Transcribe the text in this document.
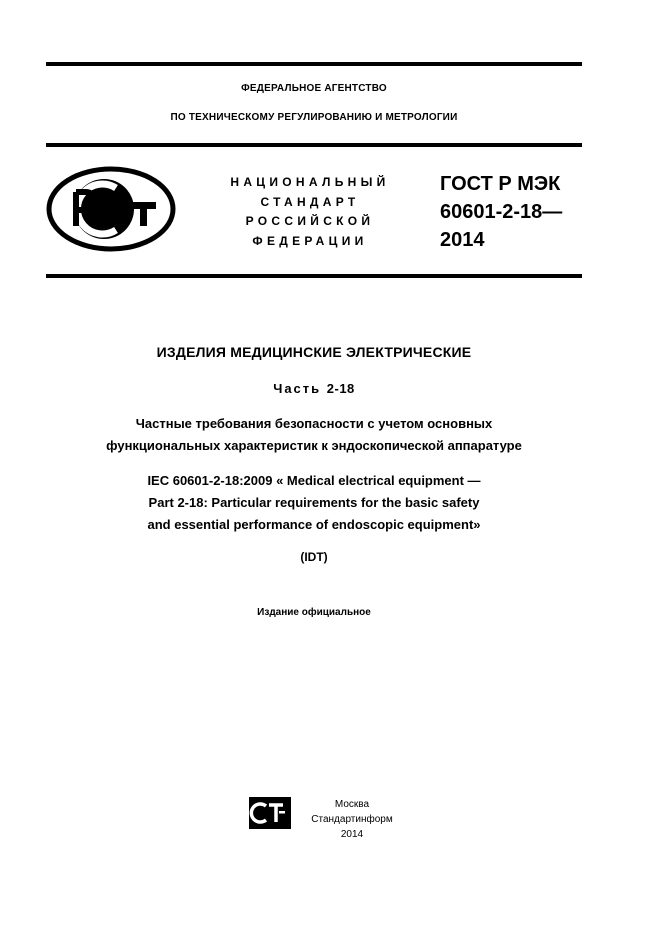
ФЕДЕРАЛЬНОЕ АГЕНТСТВО
ПО ТЕХНИЧЕСКОМУ РЕГУЛИРОВАНИЮ И МЕТРОЛОГИИ
НАЦИОНАЛЬНЫЙ
СТАНДАРТ
РОССИЙСКОЙ
ФЕДЕРАЦИИ
ГОСТ Р МЭК
60601-2-18—
2014
ИЗДЕЛИЯ МЕДИЦИНСКИЕ ЭЛЕКТРИЧЕСКИЕ
Часть 2-18
Частные требования безопасности с учетом основных
функциональных характеристик к эндоскопической аппаратуре
IEC 60601-2-18:2009 « Medical electrical equipment —
Part 2-18: Particular requirements for the basic safety
and essential performance of endoscopic equipment»
(IDT)
Издание официальное
Москва
Стандартинформ
2014
